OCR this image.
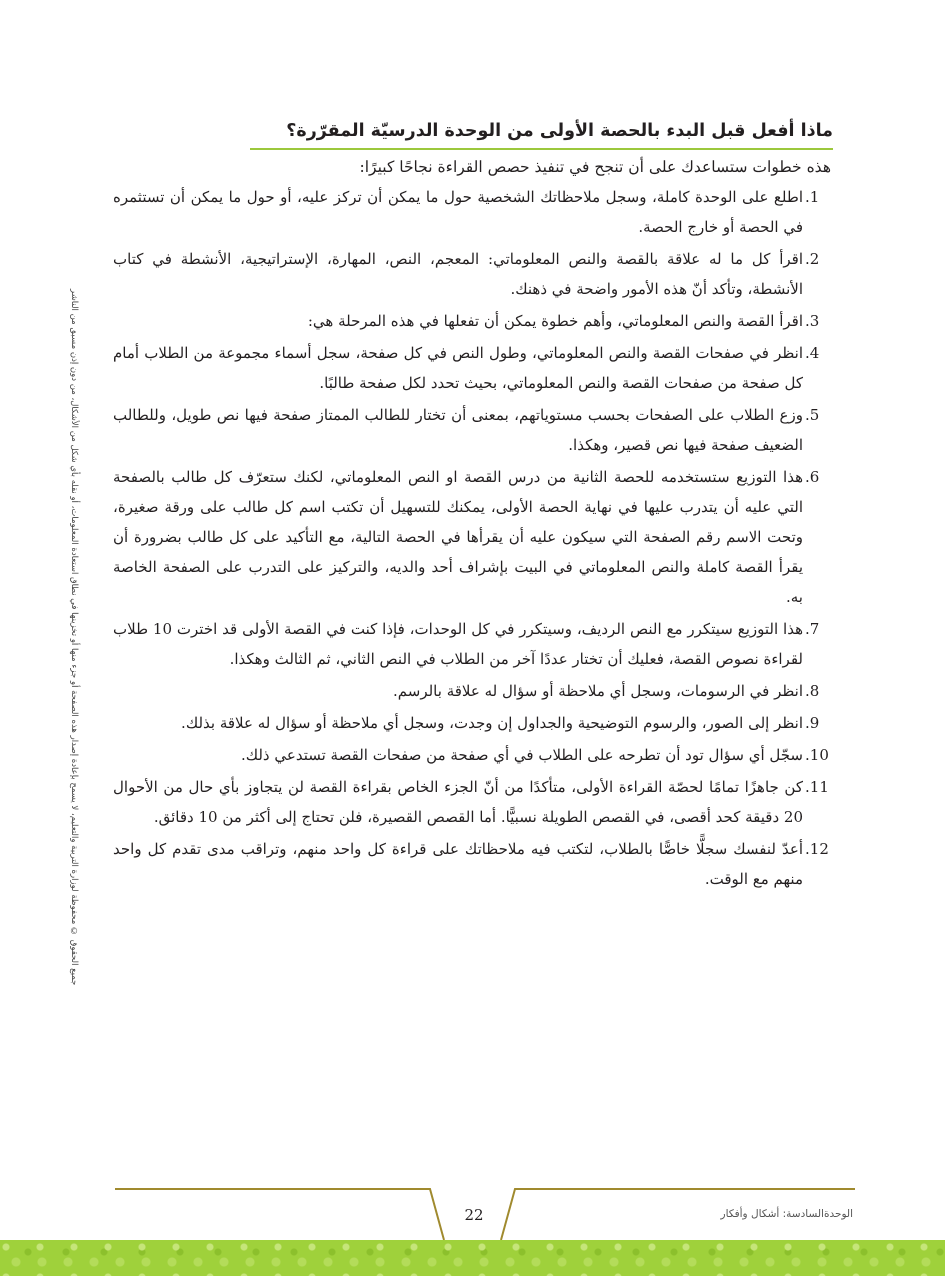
جميع الحقوق © محفوظة لوزارة التربية والتعليم، لا يسمح بإعادة إصدار هذه الصفحة أو جزء منها أو تخزينها في نطاق استعادة المعلومات، أو نقله بأي شكل من الأشكال، من دون إذن مسبق من الناشر
ماذا أفعل قبل البدء بالحصة الأولى من الوحدة الدرسيّة المقرّرة؟
هذه خطوات ستساعدك على أن تنجح في تنفيذ حصص القراءة نجاحًا كبيرًا:
1.
اطلع على الوحدة كاملة، وسجل ملاحظاتك الشخصية حول ما يمكن أن تركز عليه، أو حول ما يمكن أن تستثمره في الحصة أو خارج الحصة.
2.
اقرأ كل ما له علاقة بالقصة والنص المعلوماتي: المعجم، النص، المهارة، الإستراتيجية، الأنشطة في كتاب الأنشطة، وتأكد أنّ هذه الأمور واضحة في ذهنك.
3.
اقرأ القصة والنص المعلوماتي، وأهم خطوة يمكن أن تفعلها في هذه المرحلة هي:
4.
انظر في صفحات القصة والنص المعلوماتي، وطول النص في كل صفحة، سجل أسماء مجموعة من الطلاب أمام كل صفحة من صفحات القصة والنص المعلوماتي، بحيث تحدد لكل صفحة طالبًا.
5.
وزع الطلاب على الصفحات بحسب مستوياتهم، بمعنى أن تختار للطالب الممتاز صفحة فيها نص طويل، وللطالب الضعيف صفحة فيها نص قصير، وهكذا.
6.
هذا التوزيع ستستخدمه للحصة الثانية من درس القصة او النص المعلوماتي، لكنك ستعرّف كل طالب بالصفحة التي عليه أن يتدرب عليها في نهاية الحصة الأولى، يمكنك للتسهيل أن تكتب اسم كل طالب على ورقة صغيرة، وتحت الاسم رقم الصفحة التي سيكون عليه أن يقرأها في الحصة التالية، مع التأكيد على كل طالب بضرورة أن يقرأ القصة كاملة والنص المعلوماتي في البيت بإشراف أحد والديه، والتركيز على التدرب على الصفحة الخاصة به.
7.
هذا التوزيع سيتكرر مع النص الرديف، وسيتكرر في كل الوحدات، فإذا كنت في القصة الأولى قد اخترت 10 طلاب لقراءة نصوص القصة، فعليك أن تختار عددًا آخر من الطلاب في النص الثاني، ثم الثالث وهكذا.
8.
انظر في الرسومات، وسجل أي ملاحظة أو سؤال له علاقة بالرسم.
9.
انظر إلى الصور، والرسوم التوضيحية والجداول إن وجدت، وسجل أي ملاحظة أو سؤال له علاقة بذلك.
10.
سجّل أي سؤال تود أن تطرحه على الطلاب في أي صفحة من صفحات القصة تستدعي ذلك.
11.
كن جاهزًا تمامًا لحصّة القراءة الأولى، متأكدًا من أنّ الجزء الخاص بقراءة القصة لن يتجاوز بأي حال من الأحوال 20 دقيقة كحد أقصى، في القصص الطويلة نسبيًّا. أما القصص القصيرة، فلن تحتاج إلى أكثر من 10 دقائق.
12.
أعدّ لنفسك سجلًّا خاصًّا بالطلاب، لتكتب فيه ملاحظاتك على قراءة كل واحد منهم، وتراقب مدى تقدم كل واحد منهم مع الوقت.
22	الوحدةالسادسة: أشكال وأفكار
